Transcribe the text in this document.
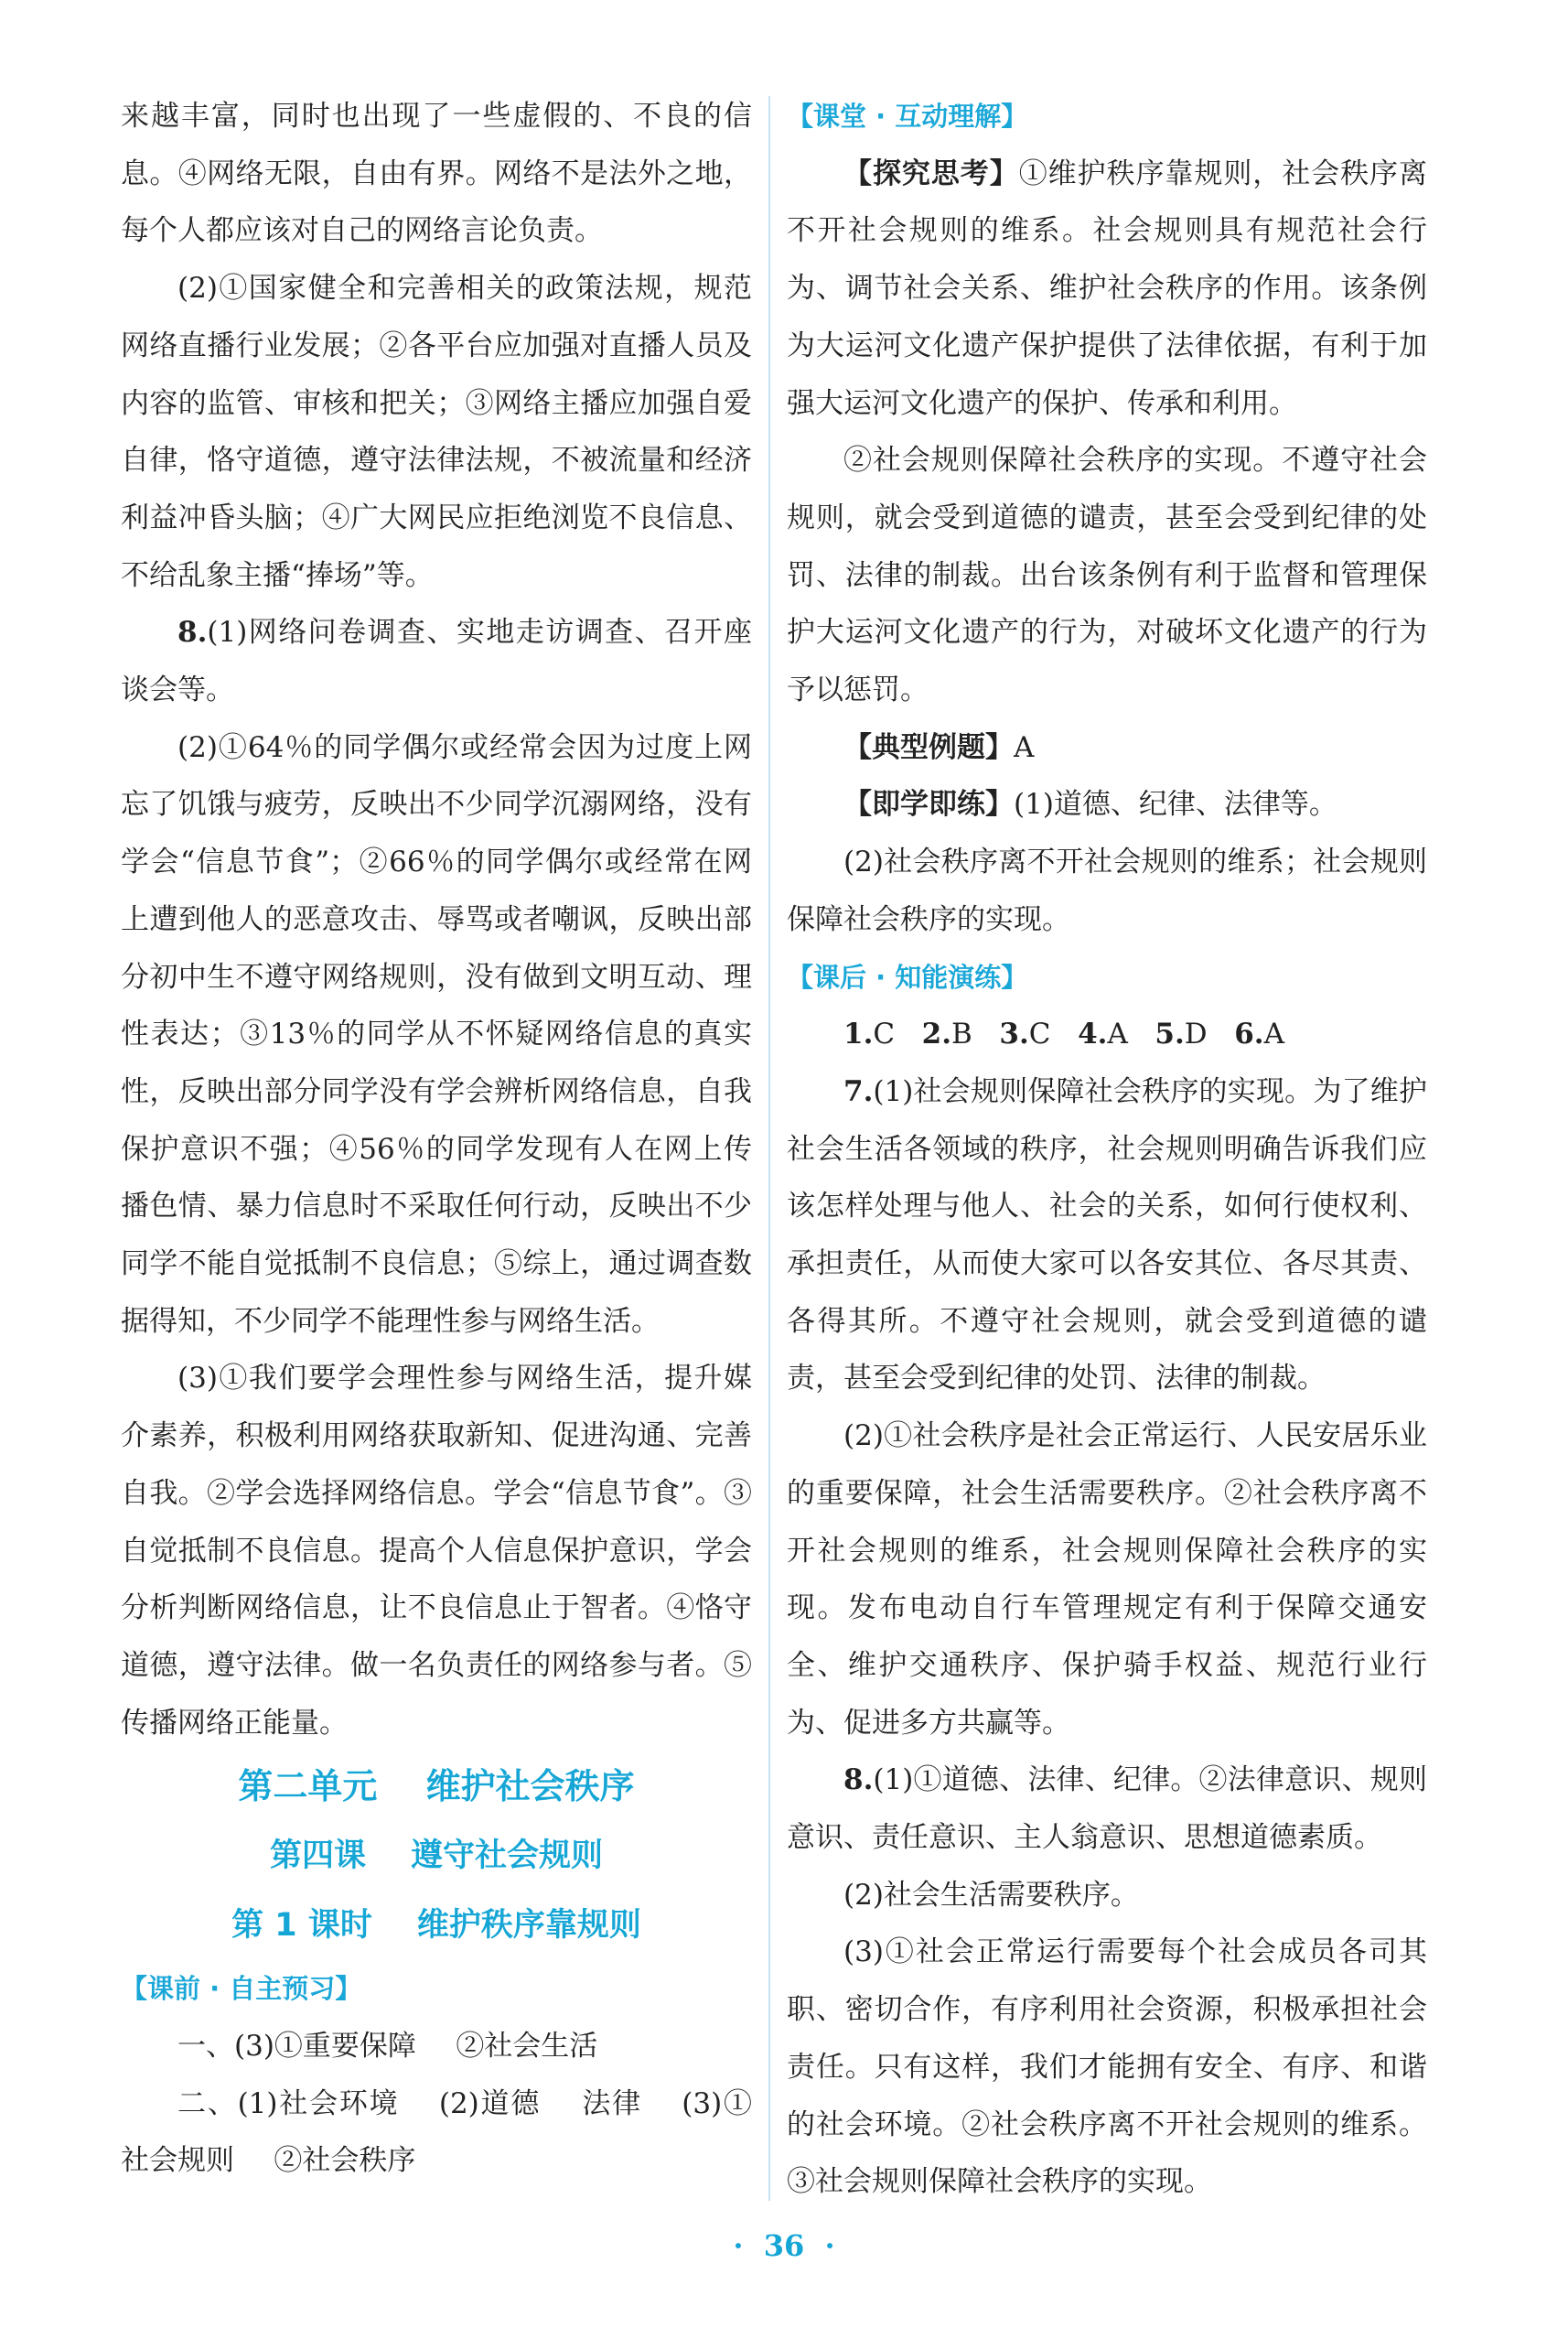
来越丰富，同时也出现了一些虚假的、不良的信息。④网络无限，自由有界。网络不是法外之地，每个人都应该对自己的网络言论负责。

(2)①国家健全和完善相关的政策法规，规范网络直播行业发展；②各平台应加强对直播人员及内容的监管、审核和把关；③网络主播应加强自爱自律，恪守道德，遵守法律法规，不被流量和经济利益冲昏头脑；④广大网民应拒绝浏览不良信息、不给乱象主播“捧场”等。

8.(1)网络问卷调查、实地走访调查、召开座谈会等。

(2)①64％的同学偶尔或经常会因为过度上网忘了饥饿与疲劳，反映出不少同学沉溺网络，没有学会“信息节食”；②66％的同学偶尔或经常在网上遭到他人的恶意攻击、辱骂或者嘲讽，反映出部分初中生不遵守网络规则，没有做到文明互动、理性表达；③13％的同学从不怀疑网络信息的真实性，反映出部分同学没有学会辨析网络信息，自我保护意识不强；④56％的同学发现有人在网上传播色情、暴力信息时不采取任何行动，反映出不少同学不能自觉抵制不良信息；⑤综上，通过调查数据得知，不少同学不能理性参与网络生活。

(3)①我们要学会理性参与网络生活，提升媒介素养，积极利用网络获取新知、促进沟通、完善自我。②学会选择网络信息。学会“信息节食”。③自觉抵制不良信息。提高个人信息保护意识，学会分析判断网络信息，让不良信息止于智者。④恪守道德，遵守法律。做一名负责任的网络参与者。⑤传播网络正能量。

第二单元 维护社会秩序

第四课 遵守社会规则

第 1 课时 维护秩序靠规则

【课前 · 自主预习】

一、(3)①重要保障 ②社会生活

二、(1)社会环境 (2)道德 法律 (3)①社会规则 ②社会秩序

【课堂 · 互动理解】

【探究思考】①维护秩序靠规则，社会秩序离不开社会规则的维系。社会规则具有规范社会行为、调节社会关系、维护社会秩序的作用。该条例为大运河文化遗产保护提供了法律依据，有利于加强大运河文化遗产的保护、传承和利用。

②社会规则保障社会秩序的实现。不遵守社会规则，就会受到道德的谴责，甚至会受到纪律的处罚、法律的制裁。出台该条例有利于监督和管理保护大运河文化遗产的行为，对破坏文化遗产的行为予以惩罚。

【典型例题】A

【即学即练】(1)道德、纪律、法律等。

(2)社会秩序离不开社会规则的维系；社会规则保障社会秩序的实现。

【课后 · 知能演练】

1.C 2.B 3.C 4.A 5.D 6.A

7.(1)社会规则保障社会秩序的实现。为了维护社会生活各领域的秩序，社会规则明确告诉我们应该怎样处理与他人、社会的关系，如何行使权利、承担责任，从而使大家可以各安其位、各尽其责、各得其所。不遵守社会规则，就会受到道德的谴责，甚至会受到纪律的处罚、法律的制裁。

(2)①社会秩序是社会正常运行、人民安居乐业的重要保障，社会生活需要秩序。②社会秩序离不开社会规则的维系，社会规则保障社会秩序的实现。发布电动自行车管理规定有利于保障交通安全、维护交通秩序、保护骑手权益、规范行业行为、促进多方共赢等。

8.(1)①道德、法律、纪律。②法律意识、规则意识、责任意识、主人翁意识、思想道德素质。

(2)社会生活需要秩序。

(3)①社会正常运行需要每个社会成员各司其职、密切合作，有序利用社会资源，积极承担社会责任。只有这样，我们才能拥有安全、有序、和谐的社会环境。②社会秩序离不开社会规则的维系。③社会规则保障社会秩序的实现。

·  36  ·
